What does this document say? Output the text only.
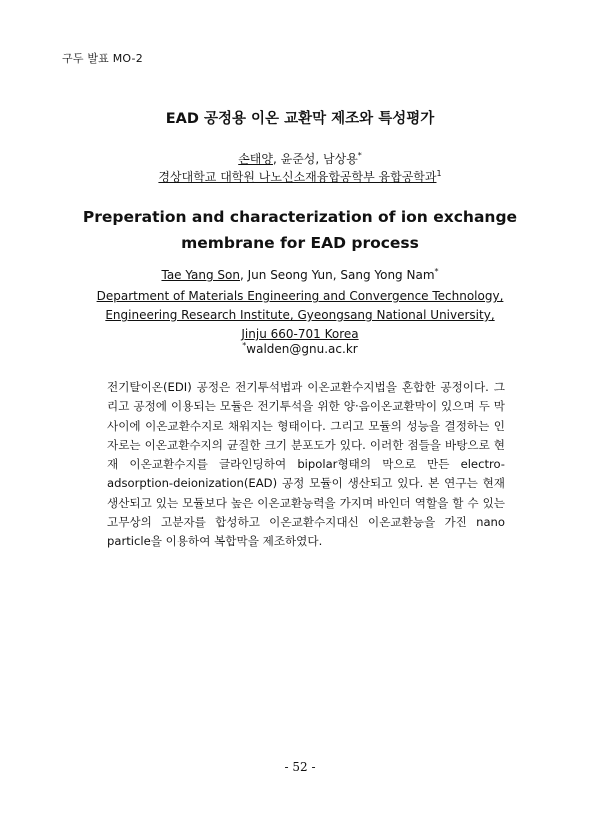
구두 발표 MO-2
EAD 공정용 이온 교환막 제조와 특성평가
손태양, 윤준성, 남상용*
경상대학교 대학원 나노신소재융합공학부 융합공학과$^1$
Preperation and characterization of ion exchange
membrane for EAD process
Tae Yang Son, Jun Seong Yun, Sang Yong Nam*
Department of Materials Engineering and Convergence Technology,
Engineering Research Institute, Gyeongsang National University,
Jinju 660-701 Korea
*walden@gnu.ac.kr
전기탈이온(EDI) 공정은 전기투석법과 이온교환수지법을 혼합한 공정이다. 그리고 공정에 이용되는 모듈은 전기투석을 위한 양·음이온교환막이 있으며 두 막 사이에 이온교환수지로 채워지는 형태이다. 그리고 모듈의 성능을 결정하는 인자로는 이온교환수지의 균질한 크기 분포도가 있다. 이러한 점들을 바탕으로 현재 이온교환수지를 글라인딩하여 bipolar형태의 막으로 만든 electro-adsorption-deionization(EAD) 공정 모듈이 생산되고 있다. 본 연구는 현재 생산되고 있는 모듈보다 높은 이온교환능력을 가지며 바인더 역할을 할 수 있는 고무상의 고분자를 합성하고 이온교환수지대신 이온교환능을 가진 nano particle을 이용하여 복합막을 제조하였다.
- 52 -
